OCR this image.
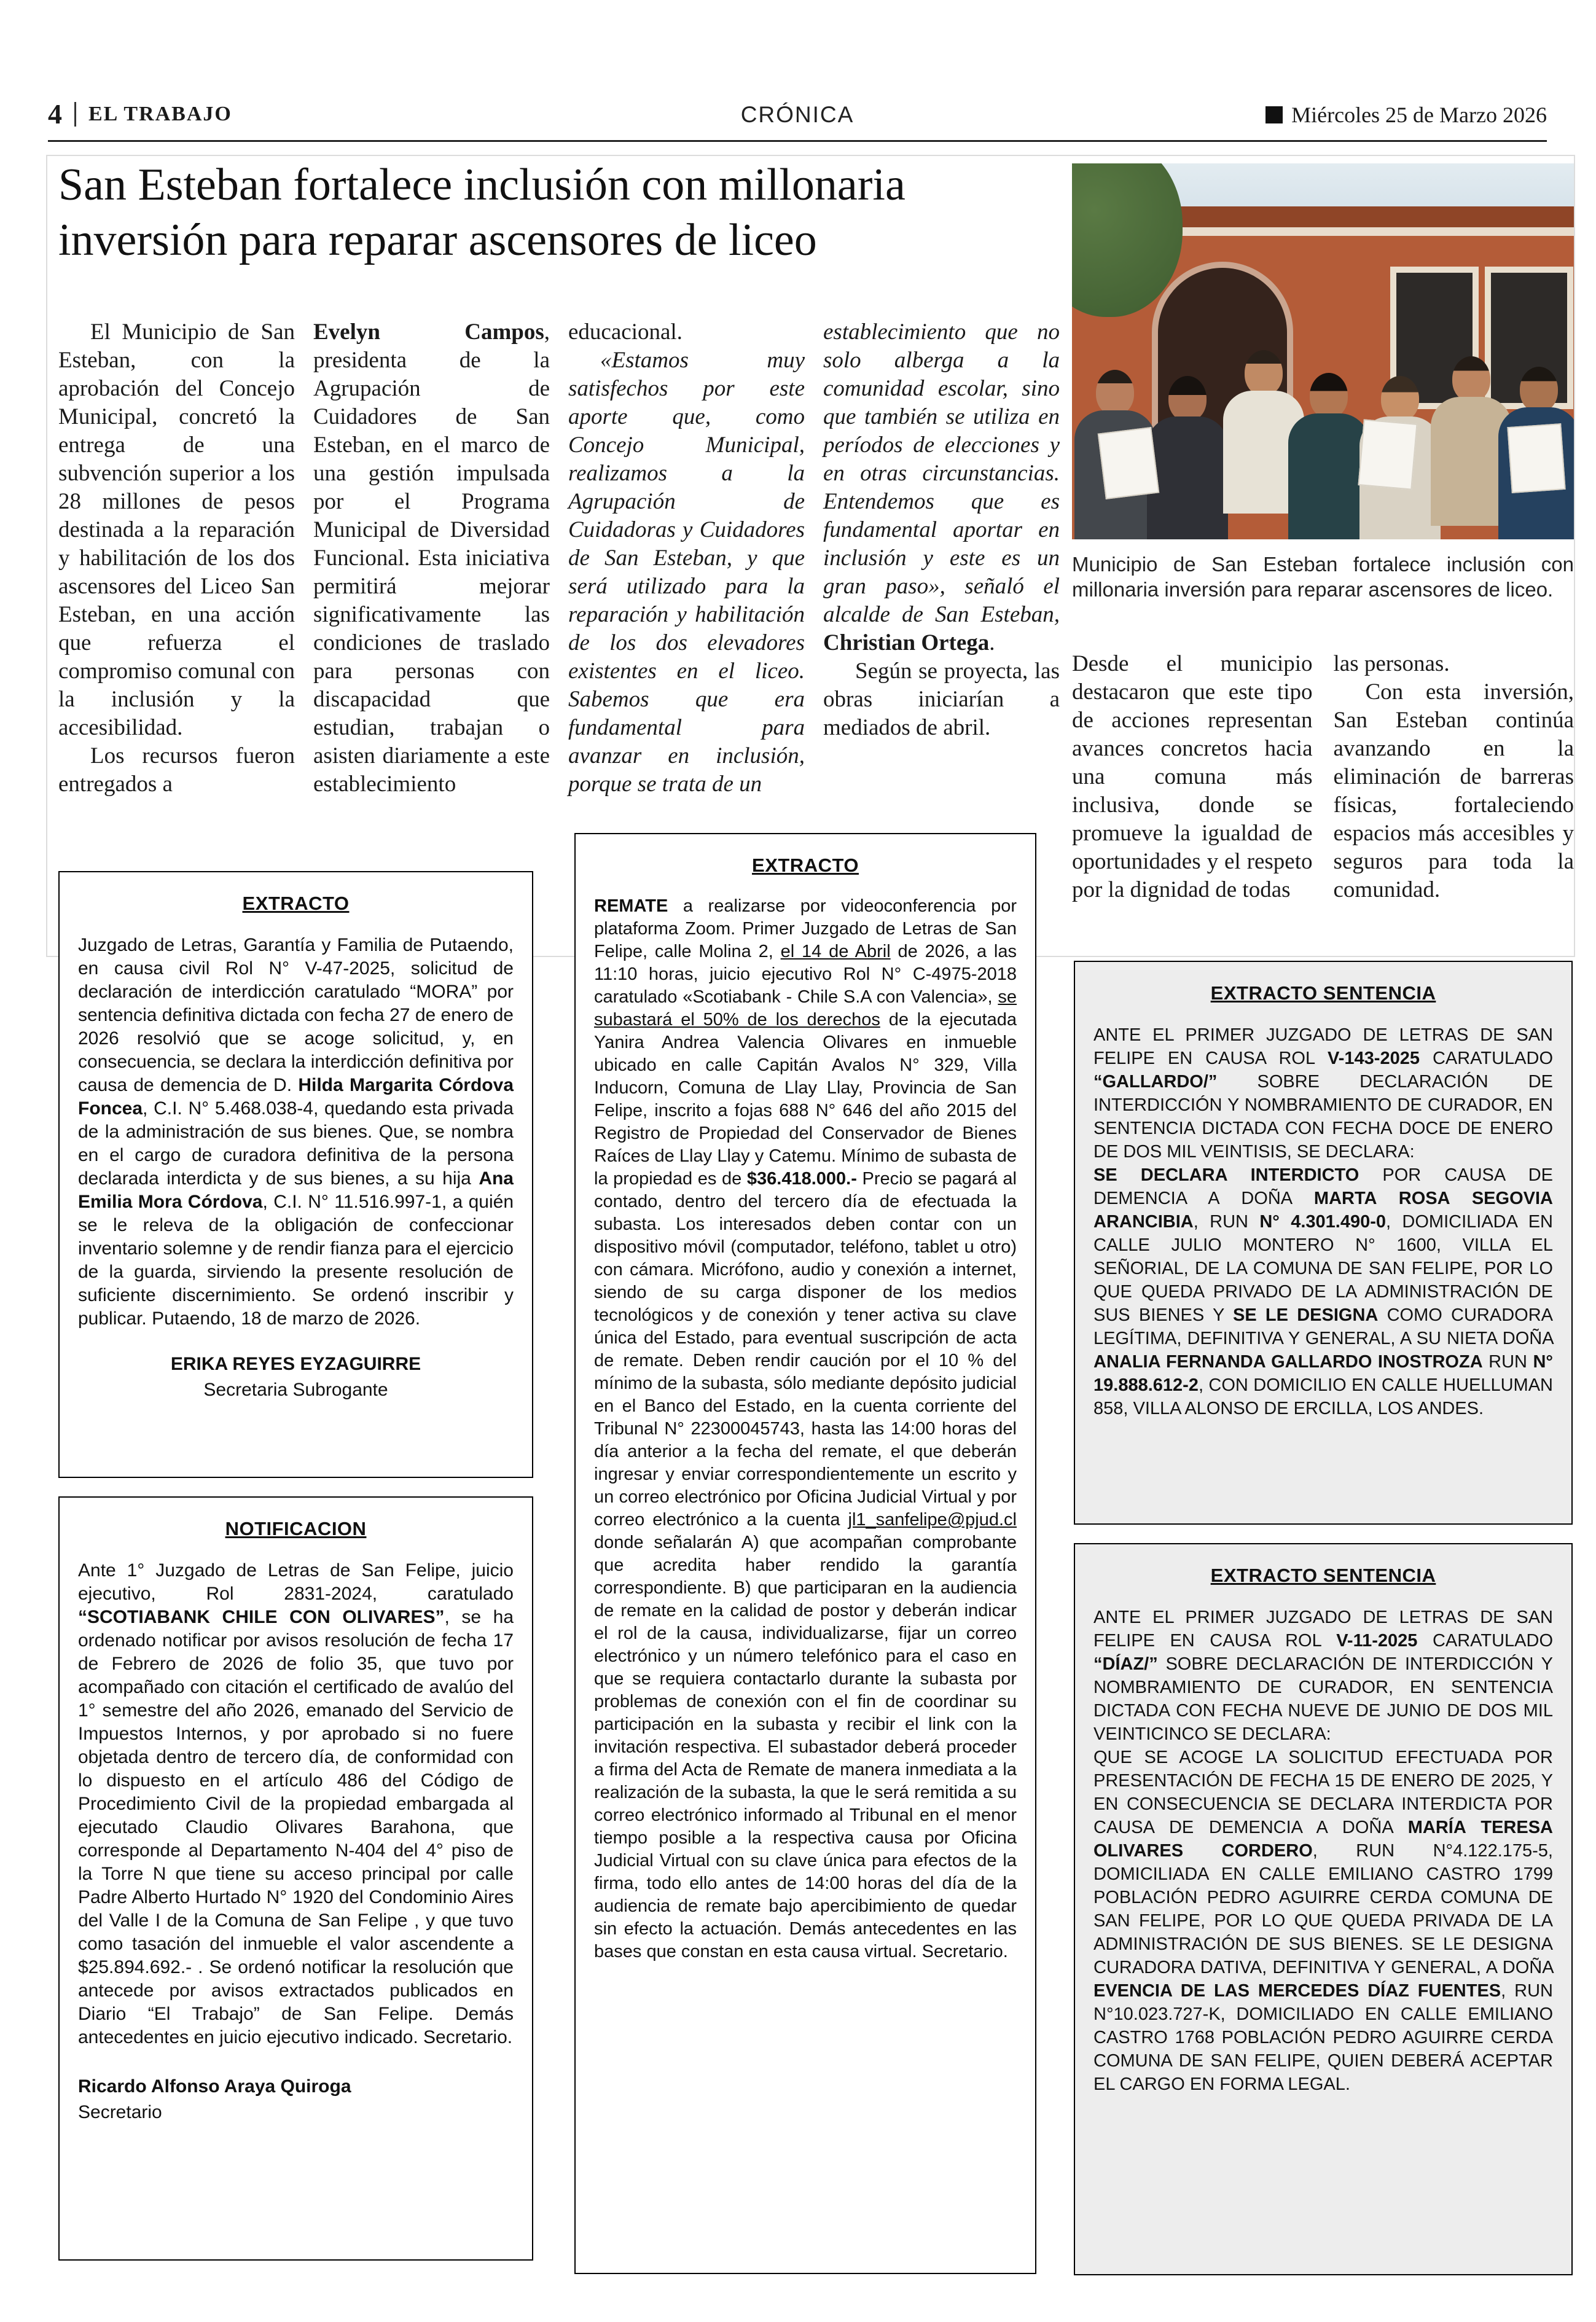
4 EL TRABAJO	CRÓNICA	Miércoles 25 de Marzo 2026
San Esteban fortalece inclusión con millonaria
inversión para reparar ascensores de liceo

El Municipio de San Esteban, con la aprobación del Concejo Municipal, concretó la entrega de una subvención superior a los 28 millones de pesos destinada a la reparación y habilitación de los dos ascensores del Liceo San Esteban, en una acción que refuerza el compromiso comunal con la inclusión y la accesibilidad.

Los recursos fueron entregados a

Evelyn Campos, presidenta de la Agrupación de Cuidadores de San Esteban, en el marco de una gestión impulsada por el Programa Municipal de Diversidad Funcional. Esta iniciativa permitirá mejorar significativamente las condiciones de traslado para personas con discapacidad que estudian, trabajan o asisten diariamente a este establecimiento

educacional.

«Estamos muy satisfechos por este aporte que, como Concejo Municipal, realizamos a la Agrupación de Cuidadoras y Cuidadores de San Esteban, y que será utilizado para la reparación y habilitación de los dos elevadores existentes en el liceo. Sabemos que era fundamental para avanzar en inclusión, porque se trata de un

establecimiento que no solo alberga a la comunidad escolar, sino que también se utiliza en períodos de elecciones y en otras circunstancias. Entendemos que es fundamental aportar en inclusión y este es un gran paso», señaló el alcalde de San Esteban, Christian Ortega.

Según se proyecta, las obras iniciarían a mediados de abril.

Municipio de San Esteban fortalece inclusión con millonaria inversión para reparar ascensores de liceo.

Desde el municipio destacaron que este tipo de acciones representan avances concretos hacia una comuna más inclusiva, donde se promueve la igualdad de oportunidades y el respeto por la dignidad de todas

las personas.

Con esta inversión, San Esteban continúa avanzando en la eliminación de barreras físicas, fortaleciendo espacios más accesibles y seguros para toda la comunidad.

EXTRACTO

Juzgado de Letras, Garantía y Familia de Putaendo, en causa civil Rol N° V-47-2025, solicitud de declaración de interdicción caratulado “MORA” por sentencia definitiva dictada con fecha 27 de enero de 2026 resolvió que se acoge solicitud, y, en consecuencia, se declara la interdicción definitiva por causa de demencia de D. Hilda Margarita Córdova Foncea, C.I. N° 5.468.038-4, quedando esta privada de la administración de sus bienes. Que, se nombra en el cargo de curadora definitiva de la persona declarada interdicta y de sus bienes, a su hija Ana Emilia Mora Córdova, C.I. N° 11.516.997-1, a quién se le releva de la obligación de confeccionar inventario solemne y de rendir fianza para el ejercicio de la guarda, sirviendo la presente resolución de suficiente discernimiento. Se ordenó inscribir y publicar. Putaendo, 18 de marzo de 2026.

ERIKA REYES EYZAGUIRRE

Secretaria Subrogante

NOTIFICACION

Ante 1° Juzgado de Letras de San Felipe, juicio ejecutivo, Rol 2831-2024, caratulado “SCOTIABANK CHILE CON OLIVARES”, se ha ordenado notificar por avisos resolución de fecha 17 de Febrero de 2026 de folio 35, que tuvo por acompañado con citación el certificado de avalúo del 1° semestre del año 2026, emanado del Servicio de Impuestos Internos, y por aprobado si no fuere objetada dentro de tercero día, de conformidad con lo dispuesto en el artículo 486 del Código de Procedimiento Civil de la propiedad embargada al ejecutado Claudio Olivares Barahona, que corresponde al Departamento N-404 del 4° piso de la Torre N que tiene su acceso principal por calle Padre Alberto Hurtado N° 1920 del Condominio Aires del Valle I de la Comuna de San Felipe , y que tuvo como tasación del inmueble el valor ascendente a $25.894.692.- . Se ordenó notificar la resolución que antecede por avisos extractados publicados en Diario “El Trabajo” de San Felipe. Demás antecedentes en juicio ejecutivo indicado. Secretario.

Ricardo Alfonso Araya Quiroga

Secretario

EXTRACTO

REMATE a realizarse por videoconferencia por plataforma Zoom. Primer Juzgado de Letras de San Felipe, calle Molina 2, el 14 de Abril de 2026, a las 11:10 horas, juicio ejecutivo Rol N° C-4975-2018 caratulado «Scotiabank - Chile S.A con Valencia», se subastará el 50% de los derechos de la ejecutada Yanira Andrea Valencia Olivares en inmueble ubicado en calle Capitán Avalos N° 329, Villa Inducorn, Comuna de Llay Llay, Provincia de San Felipe, inscrito a fojas 688 N° 646 del año 2015 del Registro de Propiedad del Conservador de Bienes Raíces de Llay Llay y Catemu. Mínimo de subasta de la propiedad es de $36.418.000.- Precio se pagará al contado, dentro del tercero día de efectuada la subasta. Los interesados deben contar con un dispositivo móvil (computador, teléfono, tablet u otro) con cámara. Micrófono, audio y conexión a internet, siendo de su carga disponer de los medios tecnológicos y de conexión y tener activa su clave única del Estado, para eventual suscripción de acta de remate. Deben rendir caución por el 10 % del mínimo de la subasta, sólo mediante depósito judicial en el Banco del Estado, en la cuenta corriente del Tribunal N° 22300045743, hasta las 14:00 horas del día anterior a la fecha del remate, el que deberán ingresar y enviar correspondientemente un escrito y un correo electrónico por Oficina Judicial Virtual y por correo electrónico a la cuenta jl1_sanfelipe@pjud.cl donde señalarán A) que acompañan comprobante que acredita haber rendido la garantía correspondiente. B) que participaran en la audiencia de remate en la calidad de postor y deberán indicar el rol de la causa, individualizarse, fijar un correo electrónico y un número telefónico para el caso en que se requiera contactarlo durante la subasta por problemas de conexión con el fin de coordinar su participación en la subasta y recibir el link con la invitación respectiva. El subastador deberá proceder a firma del Acta de Remate de manera inmediata a la realización de la subasta, la que le será remitida a su correo electrónico informado al Tribunal en el menor tiempo posible a la respectiva causa por Oficina Judicial Virtual con su clave única para efectos de la firma, todo ello antes de 14:00 horas del día de la audiencia de remate bajo apercibimiento de quedar sin efecto la actuación. Demás antecedentes en las bases que constan en esta causa virtual. Secretario.

EXTRACTO SENTENCIA

ANTE EL PRIMER JUZGADO DE LETRAS DE SAN FELIPE EN CAUSA ROL V-143-2025 CARATULADO “GALLARDO/” SOBRE DECLARACIÓN DE INTERDICCIÓN Y NOMBRAMIENTO DE CURADOR, EN SENTENCIA DICTADA CON FECHA DOCE DE ENERO DE DOS MIL VEINTISIS, SE DECLARA:

SE DECLARA INTERDICTO POR CAUSA DE DEMENCIA A DOÑA MARTA ROSA SEGOVIA ARANCIBIA, RUN N° 4.301.490-0, DOMICILIADA EN CALLE JULIO MONTERO N° 1600, VILLA EL SEÑORIAL, DE LA COMUNA DE SAN FELIPE, POR LO QUE QUEDA PRIVADO DE LA ADMINISTRACIÓN DE SUS BIENES Y SE LE DESIGNA COMO CURADORA LEGÍTIMA, DEFINITIVA Y GENERAL, A SU NIETA DOÑA ANALIA FERNANDA GALLARDO INOSTROZA RUN N° 19.888.612-2, CON DOMICILIO EN CALLE HUELLUMAN 858, VILLA ALONSO DE ERCILLA, LOS ANDES.

EXTRACTO SENTENCIA

ANTE EL PRIMER JUZGADO DE LETRAS DE SAN FELIPE EN CAUSA ROL V-11-2025 CARATULADO “DÍAZ/” SOBRE DECLARACIÓN DE INTERDICCIÓN Y NOMBRAMIENTO DE CURADOR, EN SENTENCIA DICTADA CON FECHA NUEVE DE JUNIO DE DOS MIL VEINTICINCO SE DECLARA:

QUE SE ACOGE LA SOLICITUD EFECTUADA POR PRESENTACIÓN DE FECHA 15 DE ENERO DE 2025, Y EN CONSECUENCIA SE DECLARA INTERDICTA POR CAUSA DE DEMENCIA A DOÑA MARÍA TERESA OLIVARES CORDERO, RUN N°4.122.175-5, DOMICILIADA EN CALLE EMILIANO CASTRO 1799 POBLACIÓN PEDRO AGUIRRE CERDA COMUNA DE SAN FELIPE, POR LO QUE QUEDA PRIVADA DE LA ADMINISTRACIÓN DE SUS BIENES. SE LE DESIGNA CURADORA DATIVA, DEFINITIVA Y GENERAL, A DOÑA EVENCIA DE LAS MERCEDES DÍAZ FUENTES, RUN N°10.023.727-K, DOMICILIADO EN CALLE EMILIANO CASTRO 1768 POBLACIÓN PEDRO AGUIRRE CERDA COMUNA DE SAN FELIPE, QUIEN DEBERÁ ACEPTAR EL CARGO EN FORMA LEGAL.
